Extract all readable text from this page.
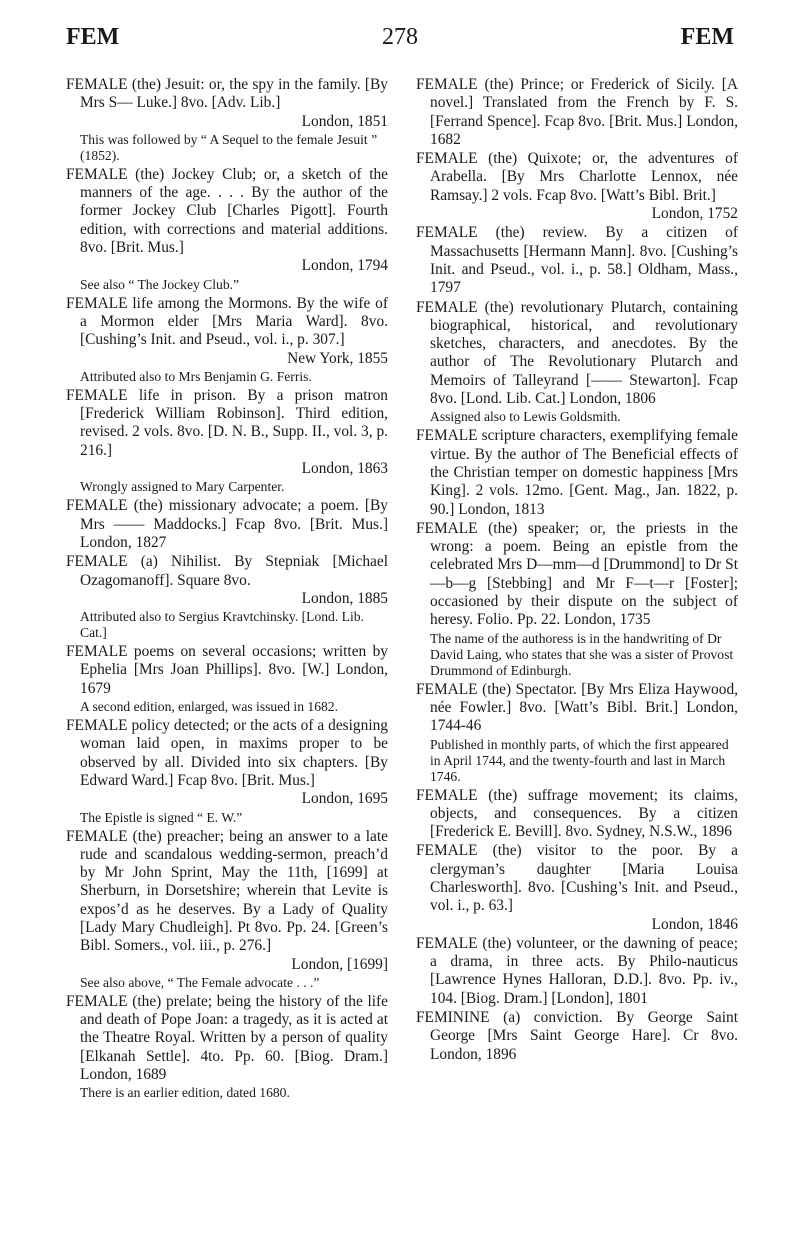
FEM	278	FEM
FEMALE (the) Jesuit: or, the spy in the family. [By Mrs S— Luke.] 8vo. [Adv. Lib.]
London, 1851
This was followed by “ A Sequel to the female Jesuit ” (1852).
FEMALE (the) Jockey Club; or, a sketch of the manners of the age. . . . By the author of the former Jockey Club [Charles Pigott]. Fourth edition, with corrections and material additions. 8vo. [Brit. Mus.]
London, 1794
See also “ The Jockey Club.”
FEMALE life among the Mormons. By the wife of a Mormon elder [Mrs Maria Ward]. 8vo. [Cushing’s Init. and Pseud., vol. i., p. 307.]
New York, 1855
Attributed also to Mrs Benjamin G. Ferris.
FEMALE life in prison. By a prison matron [Frederick William Robinson]. Third edition, revised. 2 vols. 8vo. [D. N. B., Supp. II., vol. 3, p. 216.]
London, 1863
Wrongly assigned to Mary Carpenter.
FEMALE (the) missionary advocate; a poem. [By Mrs —— Maddocks.] Fcap 8vo. [Brit. Mus.] London, 1827
FEMALE (a) Nihilist. By Stepniak [Michael Ozagomanoff]. Square 8vo.
London, 1885
Attributed also to Sergius Kravtchinsky. [Lond. Lib. Cat.]
FEMALE poems on several occasions; written by Ephelia [Mrs Joan Phillips]. 8vo. [W.] London, 1679
A second edition, enlarged, was issued in 1682.
FEMALE policy detected; or the acts of a designing woman laid open, in maxims proper to be observed by all. Divided into six chapters. [By Edward Ward.] Fcap 8vo. [Brit. Mus.]
London, 1695
The Epistle is signed “ E. W.”
FEMALE (the) preacher; being an answer to a late rude and scandalous wedding-sermon, preach’d by Mr John Sprint, May the 11th, [1699] at Sherburn, in Dorsetshire; wherein that Levite is expos’d as he deserves. By a Lady of Quality [Lady Mary Chudleigh]. Pt 8vo. Pp. 24. [Green’s Bibl. Somers., vol. iii., p. 276.]
London, [1699]
See also above, “ The Female advocate . . .”
FEMALE (the) prelate; being the history of the life and death of Pope Joan: a tragedy, as it is acted at the Theatre Royal. Written by a person of quality [Elkanah Settle]. 4to. Pp. 60. [Biog. Dram.] London, 1689
There is an earlier edition, dated 1680.
FEMALE (the) Prince; or Frederick of Sicily. [A novel.] Translated from the French by F. S. [Ferrand Spence]. Fcap 8vo. [Brit. Mus.] London, 1682
FEMALE (the) Quixote; or, the adventures of Arabella. [By Mrs Charlotte Lennox, née Ramsay.] 2 vols. Fcap 8vo. [Watt’s Bibl. Brit.]
London, 1752
FEMALE (the) review. By a citizen of Massachusetts [Hermann Mann]. 8vo. [Cushing’s Init. and Pseud., vol. i., p. 58.] Oldham, Mass., 1797
FEMALE (the) revolutionary Plutarch, containing biographical, historical, and revolutionary sketches, characters, and anecdotes. By the author of The Revolutionary Plutarch and Memoirs of Talleyrand [—— Stewarton]. Fcap 8vo. [Lond. Lib. Cat.] London, 1806
Assigned also to Lewis Goldsmith.
FEMALE scripture characters, exemplifying female virtue. By the author of The Beneficial effects of the Christian temper on domestic happiness [Mrs King]. 2 vols. 12mo. [Gent. Mag., Jan. 1822, p. 90.] London, 1813
FEMALE (the) speaker; or, the priests in the wrong: a poem. Being an epistle from the celebrated Mrs D—mm—d [Drummond] to Dr St—b—g [Stebbing] and Mr F—t—r [Foster]; occasioned by their dispute on the subject of heresy. Folio. Pp. 22. London, 1735
The name of the authoress is in the handwriting of Dr David Laing, who states that she was a sister of Provost Drummond of Edinburgh.
FEMALE (the) Spectator. [By Mrs Eliza Haywood, née Fowler.] 8vo. [Watt’s Bibl. Brit.] London, 1744-46
Published in monthly parts, of which the first appeared in April 1744, and the twenty-fourth and last in March 1746.
FEMALE (the) suffrage movement; its claims, objects, and consequences. By a citizen [Frederick E. Bevill]. 8vo. Sydney, N.S.W., 1896
FEMALE (the) visitor to the poor. By a clergyman’s daughter [Maria Louisa Charlesworth]. 8vo. [Cushing’s Init. and Pseud., vol. i., p. 63.]
London, 1846
FEMALE (the) volunteer, or the dawning of peace; a drama, in three acts. By Philo-nauticus [Lawrence Hynes Halloran, D.D.]. 8vo. Pp. iv., 104. [Biog. Dram.] [London], 1801
FEMININE (a) conviction. By George Saint George [Mrs Saint George Hare]. Cr 8vo. London, 1896
